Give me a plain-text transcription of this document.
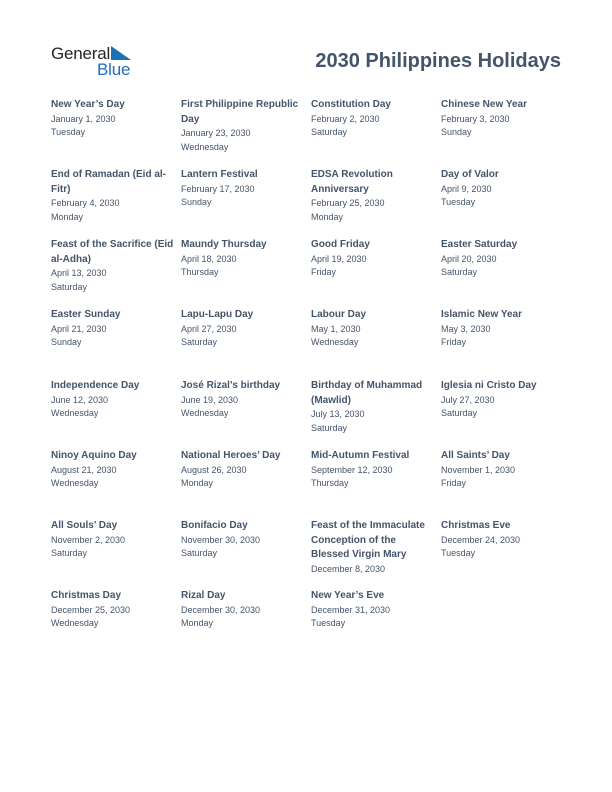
General
Blue	2030 Philippines Holidays
New Year’s Day
January 1, 2030
Tuesday
First Philippine Republic Day
January 23, 2030
Wednesday
Constitution Day
February 2, 2030
Saturday
Chinese New Year
February 3, 2030
Sunday
End of Ramadan (Eid al-Fitr)
February 4, 2030
Monday
Lantern Festival
February 17, 2030
Sunday
EDSA Revolution Anniversary
February 25, 2030
Monday
Day of Valor
April 9, 2030
Tuesday
Feast of the Sacrifice (Eid al-Adha)
April 13, 2030
Saturday
Maundy Thursday
April 18, 2030
Thursday
Good Friday
April 19, 2030
Friday
Easter Saturday
April 20, 2030
Saturday
Easter Sunday
April 21, 2030
Sunday
Lapu-Lapu Day
April 27, 2030
Saturday
Labour Day
May 1, 2030
Wednesday
Islamic New Year
May 3, 2030
Friday
Independence Day
June 12, 2030
Wednesday
José Rizal’s birthday
June 19, 2030
Wednesday
Birthday of Muhammad (Mawlid)
July 13, 2030
Saturday
Iglesia ni Cristo Day
July 27, 2030
Saturday
Ninoy Aquino Day
August 21, 2030
Wednesday
National Heroes’ Day
August 26, 2030
Monday
Mid-Autumn Festival
September 12, 2030
Thursday
All Saints’ Day
November 1, 2030
Friday
All Souls’ Day
November 2, 2030
Saturday
Bonifacio Day
November 30, 2030
Saturday
Feast of the Immaculate Conception of the Blessed Virgin Mary
December 8, 2030
Christmas Eve
December 24, 2030
Tuesday
Christmas Day
December 25, 2030
Wednesday
Rizal Day
December 30, 2030
Monday
New Year’s Eve
December 31, 2030
Tuesday
